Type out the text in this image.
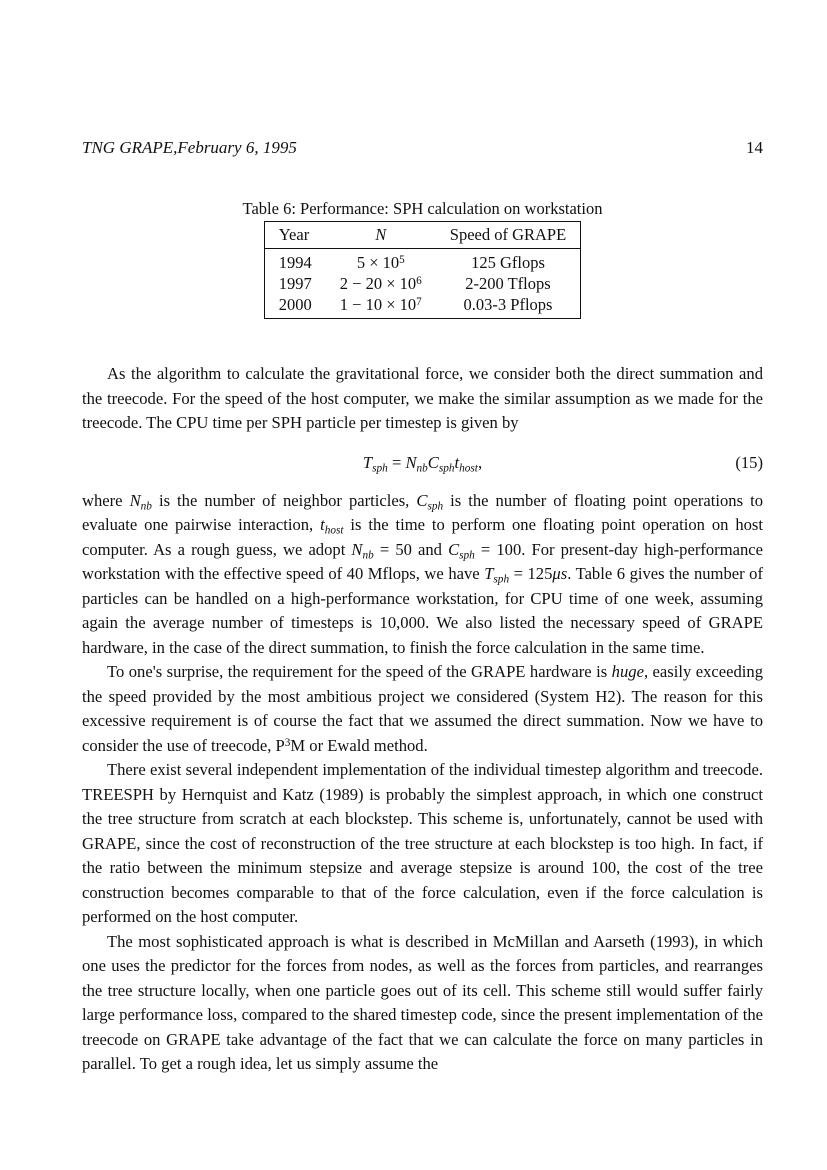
TNG GRAPE,February 6, 1995	14
Table 6: Performance: SPH calculation on workstation
Year	N	Speed of GRAPE
1994	$5 \times 10^5$	125 Gflops
1997	$2 - 20 \times 10^6$	2-200 Tflops
2000	$1 - 10 \times 10^7$	0.03-3 Pflops

As the algorithm to calculate the gravitational force, we consider both the direct summation and the treecode. For the speed of the host computer, we make the similar assumption as we made for the treecode. The CPU time per SPH particle per timestep is given by

$T_{sph} = N_{nb}C_{sph}t_{host}$,	(15)

where $N_{nb}$ is the number of neighbor particles, $C_{sph}$ is the number of floating point operations to evaluate one pairwise interaction, $t_{host}$ is the time to perform one floating point operation on host computer. As a rough guess, we adopt $N_{nb} = 50$ and $C_{sph} = 100$. For present-day high-performance workstation with the effective speed of 40 Mflops, we have $T_{sph} = 125\mu s$. Table 6 gives the number of particles can be handled on a high-performance workstation, for CPU time of one week, assuming again the average number of timesteps is 10,000. We also listed the necessary speed of GRAPE hardware, in the case of the direct summation, to finish the force calculation in the same time.

To one's surprise, the requirement for the speed of the GRAPE hardware is huge, easily exceeding the speed provided by the most ambitious project we considered (System H2). The reason for this excessive requirement is of course the fact that we assumed the direct summation. Now we have to consider the use of treecode, $P^3M$ or Ewald method.

There exist several independent implementation of the individual timestep algorithm and treecode. TREESPH by Hernquist and Katz (1989) is probably the simplest approach, in which one construct the tree structure from scratch at each blockstep. This scheme is, unfortunately, cannot be used with GRAPE, since the cost of reconstruction of the tree structure at each blockstep is too high. In fact, if the ratio between the minimum stepsize and average stepsize is around 100, the cost of the tree construction becomes comparable to that of the force calculation, even if the force calculation is performed on the host computer.

The most sophisticated approach is what is described in McMillan and Aarseth (1993), in which one uses the predictor for the forces from nodes, as well as the forces from particles, and rearranges the tree structure locally, when one particle goes out of its cell. This scheme still would suffer fairly large performance loss, compared to the shared timestep code, since the present implementation of the treecode on GRAPE take advantage of the fact that we can calculate the force on many particles in parallel. To get a rough idea, let us simply assume the
